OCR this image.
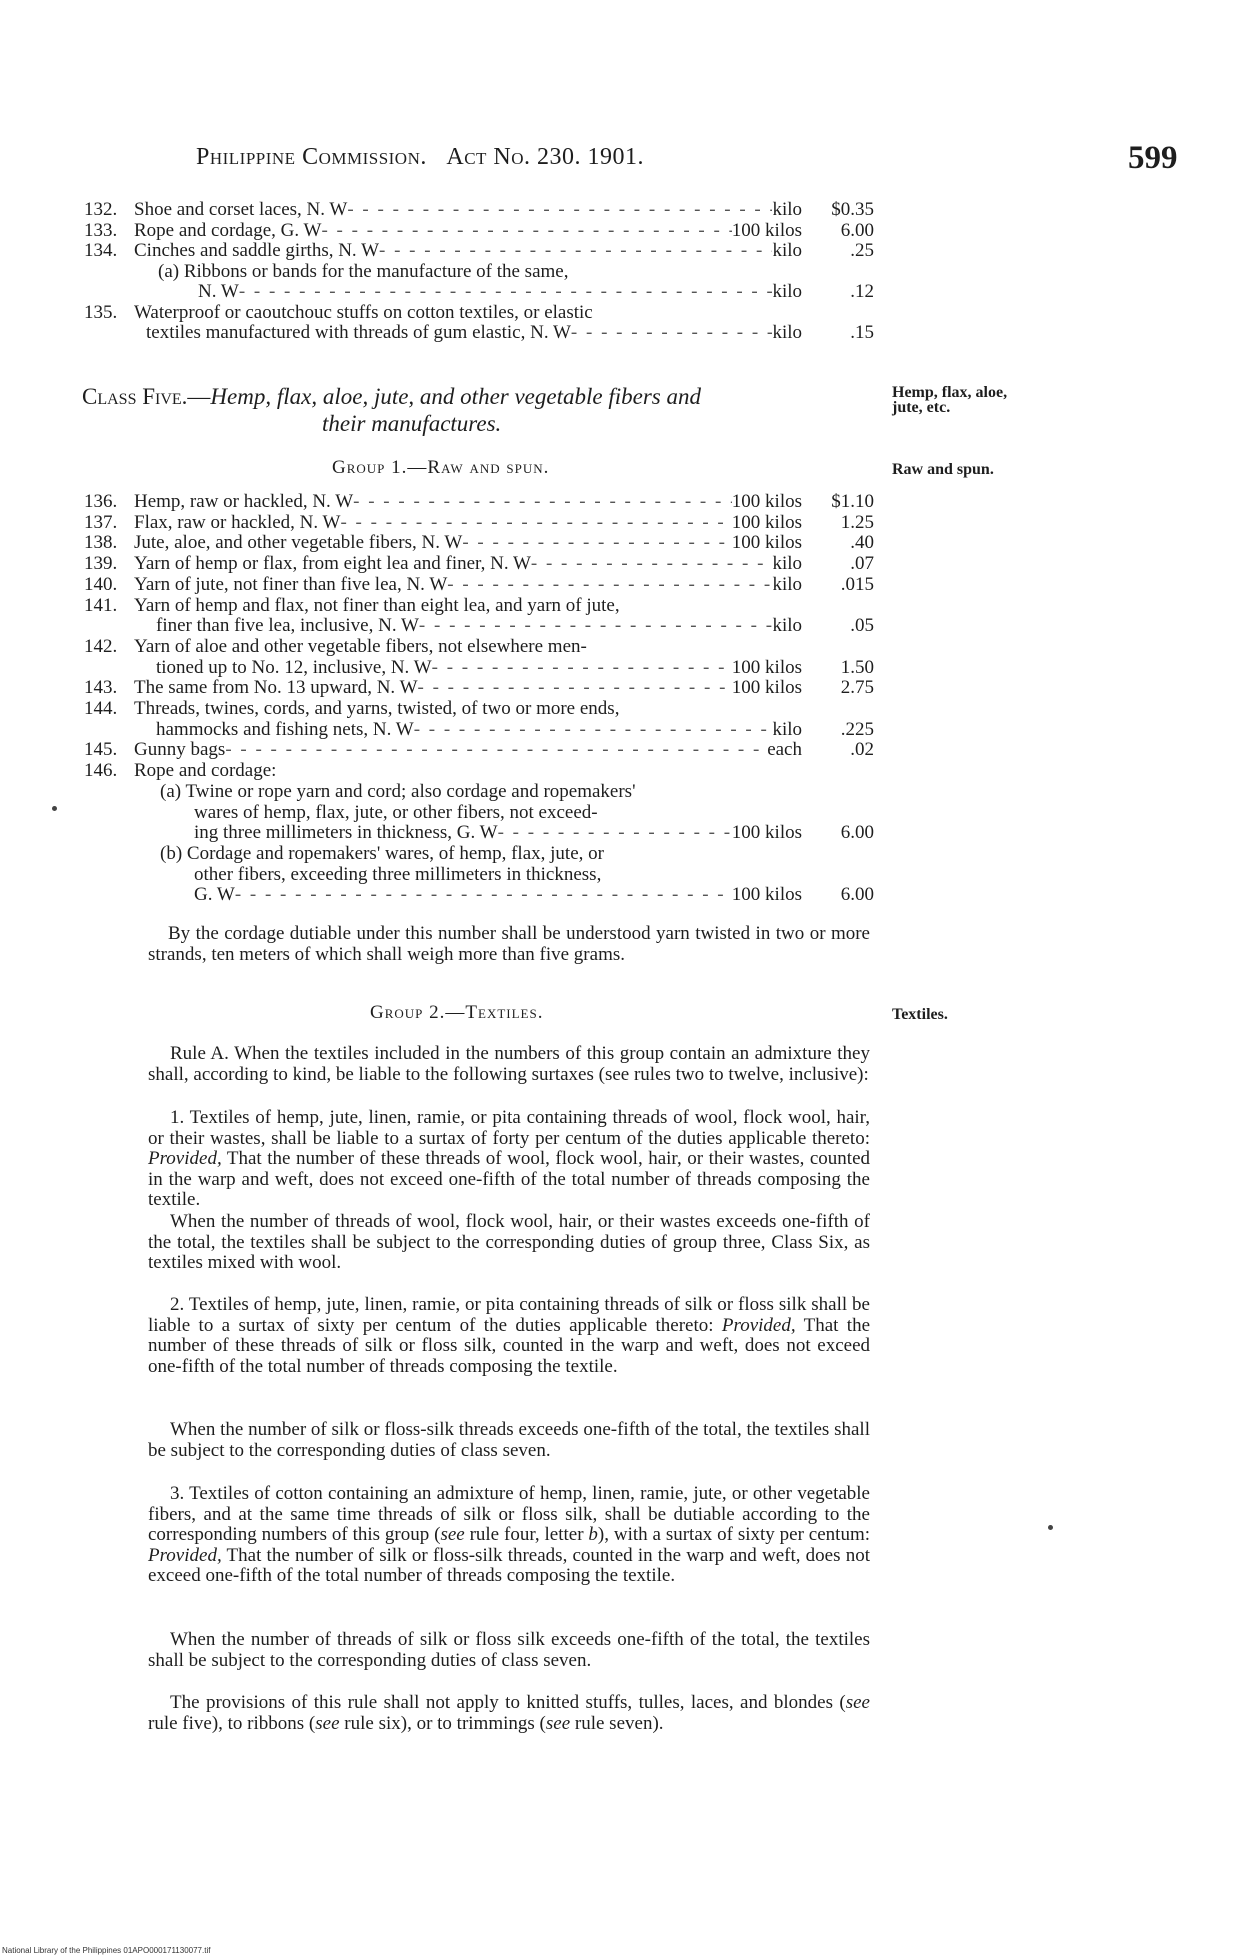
Philippine Commission. Act No. 230. 1901.	599
132. Shoe and corset laces, N. W - - -	kilo	$0.35
133. Rope and cordage, G. W - - -	100 kilos	6.00
134. Cinches and saddle girths, N. W - - -	kilo	.25
(a) Ribbons or bands for the manufacture of the same,
N. W - - -	kilo	.12
135. Waterproof or caoutchouc stuffs on cotton textiles, or elastic
textiles manufactured with threads of gum elastic, N. W - - -	kilo	.15
Class Five.—Hemp, flax, aloe, jute, and other vegetable fibers and
their manufactures.
Hemp, flax, aloe,
jute, etc.
Group 1.—Raw and spun.	Raw and spun.
136. Hemp, raw or hackled, N. W - - -	100 kilos	$1.10
137. Flax, raw or hackled, N. W - - -	100 kilos	1.25
138. Jute, aloe, and other vegetable fibers, N. W - - -	100 kilos	.40
139. Yarn of hemp or flax, from eight lea and finer, N. W - - -	kilo	.07
140. Yarn of jute, not finer than five lea, N. W - - -	kilo	.015
141. Yarn of hemp and flax, not finer than eight lea, and yarn of jute,
finer than five lea, inclusive, N. W - - -	kilo	.05
142. Yarn of aloe and other vegetable fibers, not elsewhere men-
tioned up to No. 12, inclusive, N. W - - -	100 kilos	1.50
143. The same from No. 13 upward, N. W - - -	100 kilos	2.75
144. Threads, twines, cords, and yarns, twisted, of two or more ends,
hammocks and fishing nets, N. W - - -	kilo	.225
145. Gunny bags - - -	each	.02
146. Rope and cordage:
(a) Twine or rope yarn and cord; also cordage and ropemakers'
wares of hemp, flax, jute, or other fibers, not exceed-
ing three millimeters in thickness, G. W - - -	100 kilos	6.00
(b) Cordage and ropemakers' wares, of hemp, flax, jute, or
other fibers, exceeding three millimeters in thickness,
G. W - - -	100 kilos	6.00
By the cordage dutiable under this number shall be understood yarn twisted in two or more strands, ten meters of which shall weigh more than five grams.
Group 2.—Textiles.	Textiles.
Rule A. When the textiles included in the numbers of this group contain an admixture they shall, according to kind, be liable to the following surtaxes (see rules two to twelve, inclusive):
1. Textiles of hemp, jute, linen, ramie, or pita containing threads of wool, flock wool, hair, or their wastes, shall be liable to a surtax of forty per centum of the duties applicable thereto: Provided, That the number of these threads of wool, flock wool, hair, or their wastes, counted in the warp and weft, does not exceed one-fifth of the total number of threads composing the textile.
When the number of threads of wool, flock wool, hair, or their wastes exceeds one-fifth of the total, the textiles shall be subject to the corresponding duties of group three, Class Six, as textiles mixed with wool.
2. Textiles of hemp, jute, linen, ramie, or pita containing threads of silk or floss silk shall be liable to a surtax of sixty per centum of the duties applicable thereto: Provided, That the number of these threads of silk or floss silk, counted in the warp and weft, does not exceed one-fifth of the total number of threads composing the textile.
When the number of silk or floss-silk threads exceeds one-fifth of the total, the textiles shall be subject to the corresponding duties of class seven.
3. Textiles of cotton containing an admixture of hemp, linen, ramie, jute, or other vegetable fibers, and at the same time threads of silk or floss silk, shall be dutiable according to the corresponding numbers of this group (see rule four, letter b), with a surtax of sixty per centum: Provided, That the number of silk or floss-silk threads, counted in the warp and weft, does not exceed one-fifth of the total number of threads composing the textile.
When the number of threads of silk or floss silk exceeds one-fifth of the total, the textiles shall be subject to the corresponding duties of class seven.
The provisions of this rule shall not apply to knitted stuffs, tulles, laces, and blondes (see rule five), to ribbons (see rule six), or to trimmings (see rule seven).
National Library of the Philippines 01APO000171130077.tif
